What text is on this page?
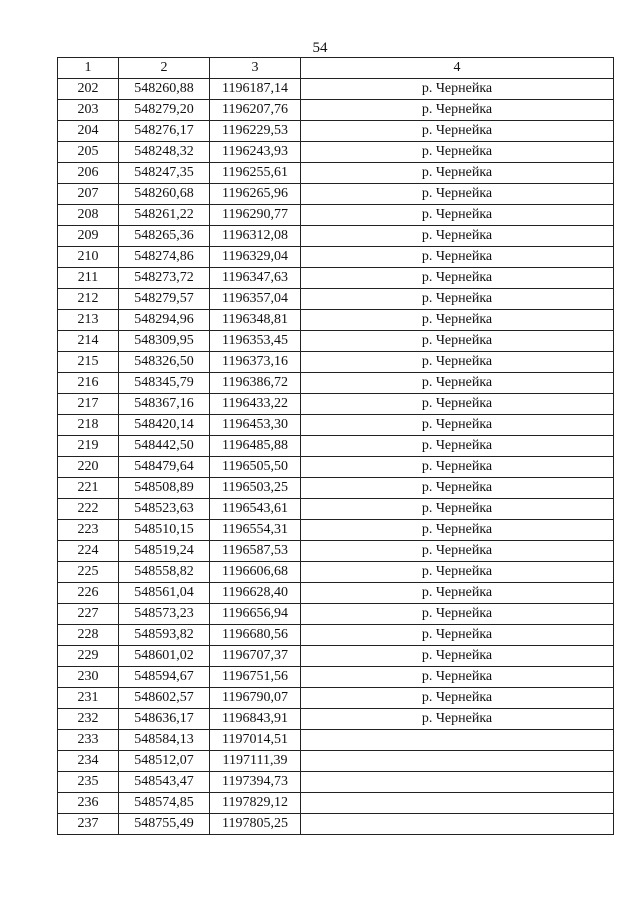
54
1	2	3	4
202	548260,88	1196187,14	р. Чернейка
203	548279,20	1196207,76	р. Чернейка
204	548276,17	1196229,53	р. Чернейка
205	548248,32	1196243,93	р. Чернейка
206	548247,35	1196255,61	р. Чернейка
207	548260,68	1196265,96	р. Чернейка
208	548261,22	1196290,77	р. Чернейка
209	548265,36	1196312,08	р. Чернейка
210	548274,86	1196329,04	р. Чернейка
211	548273,72	1196347,63	р. Чернейка
212	548279,57	1196357,04	р. Чернейка
213	548294,96	1196348,81	р. Чернейка
214	548309,95	1196353,45	р. Чернейка
215	548326,50	1196373,16	р. Чернейка
216	548345,79	1196386,72	р. Чернейка
217	548367,16	1196433,22	р. Чернейка
218	548420,14	1196453,30	р. Чернейка
219	548442,50	1196485,88	р. Чернейка
220	548479,64	1196505,50	р. Чернейка
221	548508,89	1196503,25	р. Чернейка
222	548523,63	1196543,61	р. Чернейка
223	548510,15	1196554,31	р. Чернейка
224	548519,24	1196587,53	р. Чернейка
225	548558,82	1196606,68	р. Чернейка
226	548561,04	1196628,40	р. Чернейка
227	548573,23	1196656,94	р. Чернейка
228	548593,82	1196680,56	р. Чернейка
229	548601,02	1196707,37	р. Чернейка
230	548594,67	1196751,56	р. Чернейка
231	548602,57	1196790,07	р. Чернейка
232	548636,17	1196843,91	р. Чернейка
233	548584,13	1197014,51	
234	548512,07	1197111,39	
235	548543,47	1197394,73	
236	548574,85	1197829,12	
237	548755,49	1197805,25	
